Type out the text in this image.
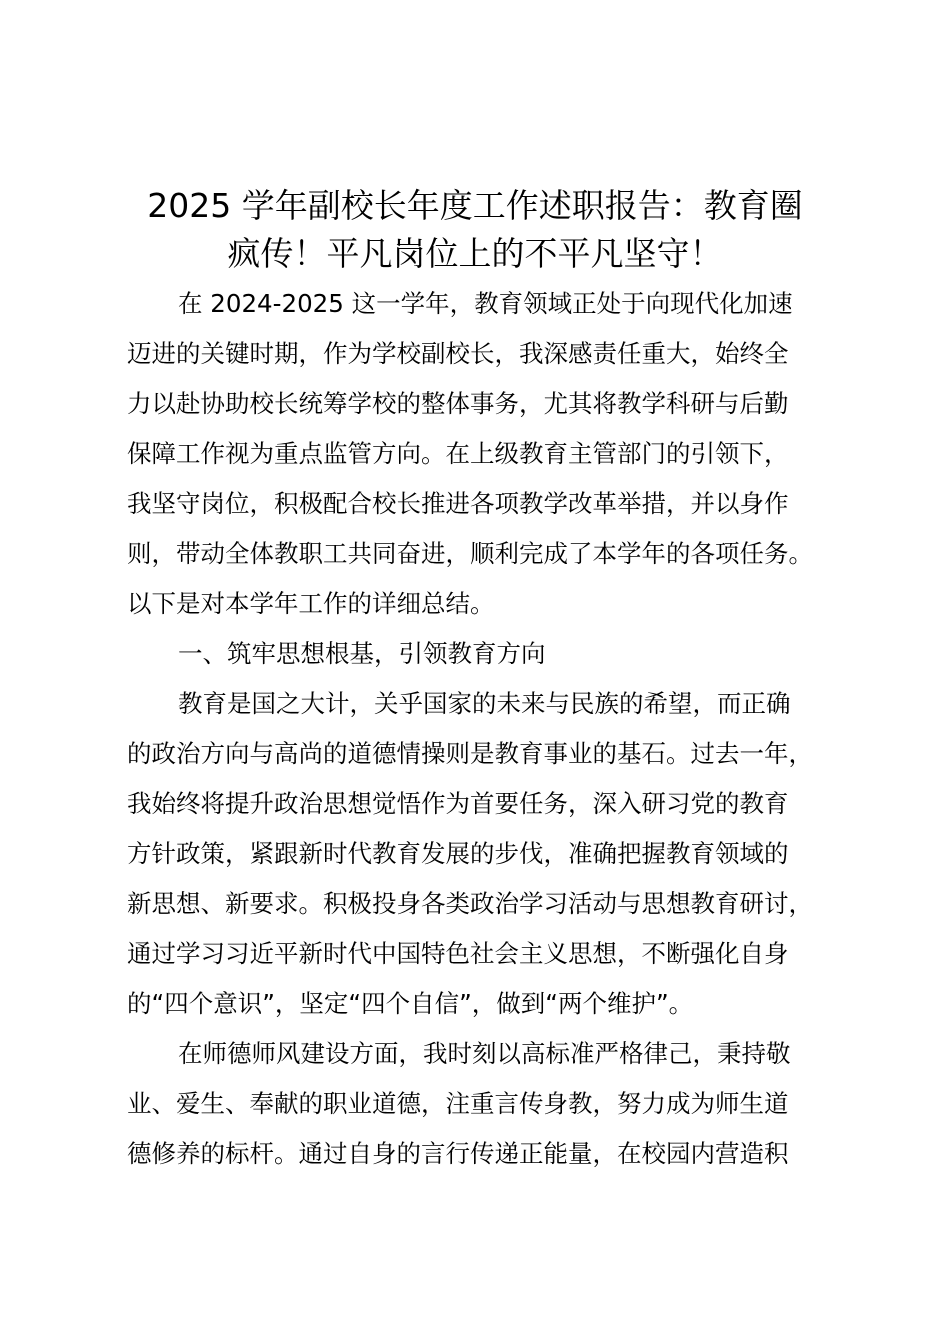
2025 学年副校长年度工作述职报告：教育圈
疯传！平凡岗位上的不平凡坚守！
在 2024-2025 这一学年，教育领域正处于向现代化加速
迈进的关键时期，作为学校副校长，我深感责任重大，始终全
力以赴协助校长统筹学校的整体事务，尤其将教学科研与后勤
保障工作视为重点监管方向。在上级教育主管部门的引领下，
我坚守岗位，积极配合校长推进各项教学改革举措，并以身作
则，带动全体教职工共同奋进，顺利完成了本学年的各项任务。
以下是对本学年工作的详细总结。
一、筑牢思想根基，引领教育方向
教育是国之大计，关乎国家的未来与民族的希望，而正确
的政治方向与高尚的道德情操则是教育事业的基石。过去一年，
我始终将提升政治思想觉悟作为首要任务，深入研习党的教育
方针政策，紧跟新时代教育发展的步伐，准确把握教育领域的
新思想、新要求。积极投身各类政治学习活动与思想教育研讨，
通过学习习近平新时代中国特色社会主义思想，不断强化自身
的“四个意识”，坚定“四个自信”，做到“两个维护”。
在师德师风建设方面，我时刻以高标准严格律己，秉持敬
业、爱生、奉献的职业道德，注重言传身教，努力成为师生道
德修养的标杆。通过自身的言行传递正能量，在校园内营造积
